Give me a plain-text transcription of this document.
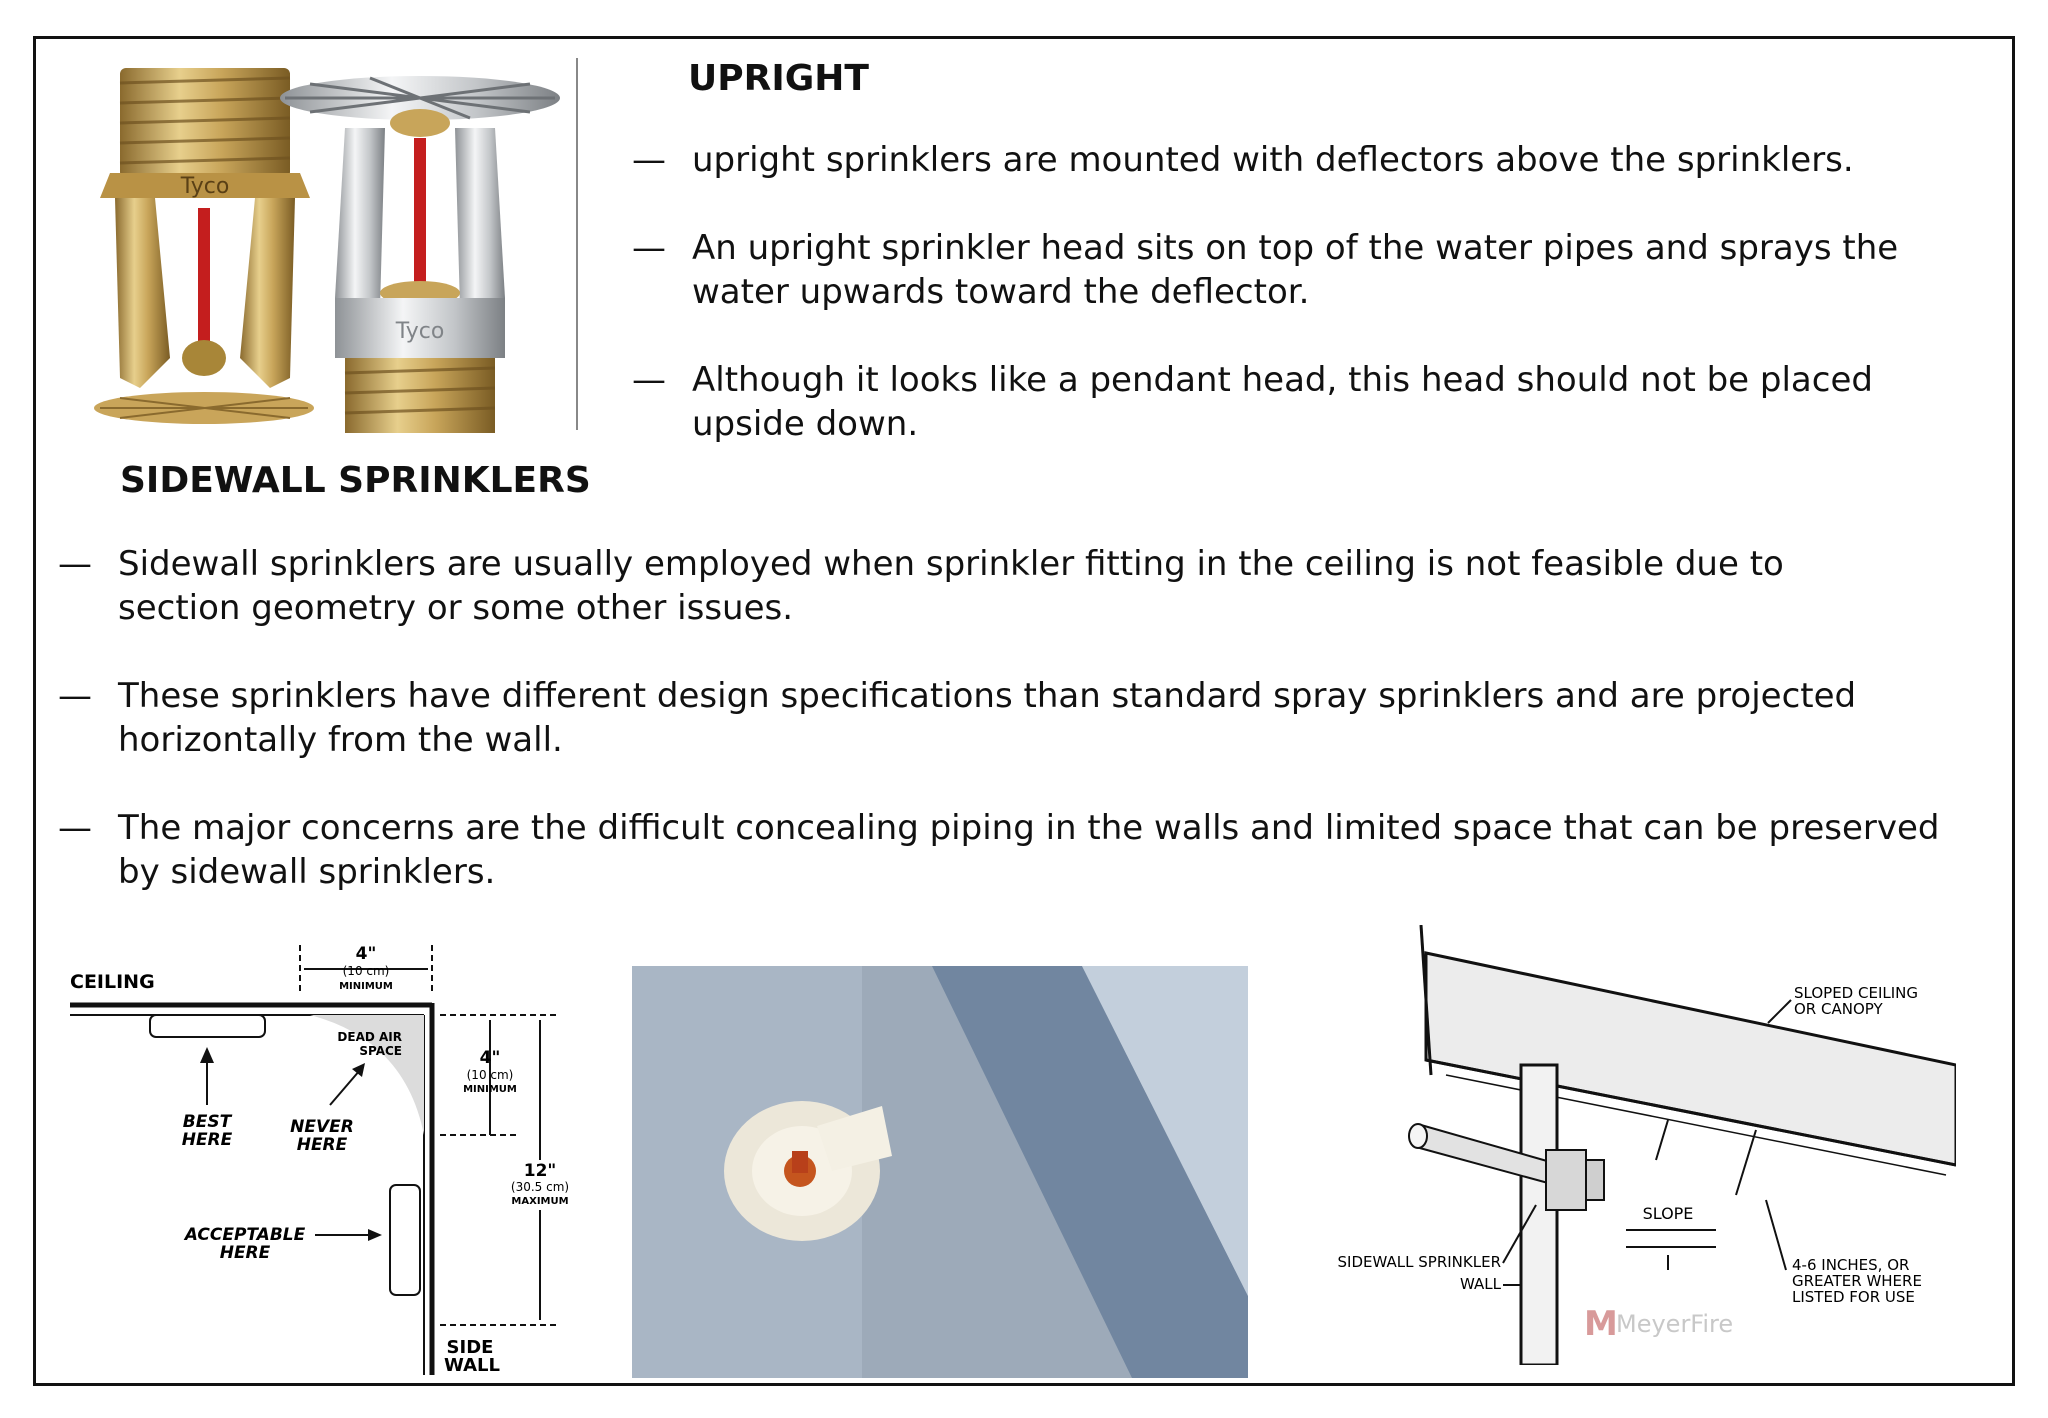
Tyco
Tyco
UPRIGHT
— upright sprinklers are mounted with deflectors above the sprinklers.
— An upright sprinkler head sits on top of the water pipes and sprays the water upwards toward the deflector.
— Although it looks like a pendant head, this head should not be placed upside down.
SIDEWALL SPRINKLERS
— Sidewall sprinklers are usually employed when sprinkler fitting in the ceiling is not feasible due to section geometry or some other issues.
— These sprinklers have different design specifications than standard spray sprinklers and are projected horizontally from the wall.
— The major concerns are the difficult concealing piping in the walls and limited space that can be preserved by sidewall sprinklers.
CEILING
4"
(10 cm)
MINIMUM
DEAD AIR
SPACE	4"
(10 cm)
MINIMUM
12"
(30.5 cm)
MAXIMUM
BEST
HERE
NEVER
HERE
ACCEPTABLE
HERE
SIDE
WALL
SLOPE
SLOPED CEILING
OR CANOPY
SIDEWALL SPRINKLER
WALL
4-6 INCHES, OR
GREATER WHERE
LISTED FOR USE
M
MeyerFire
